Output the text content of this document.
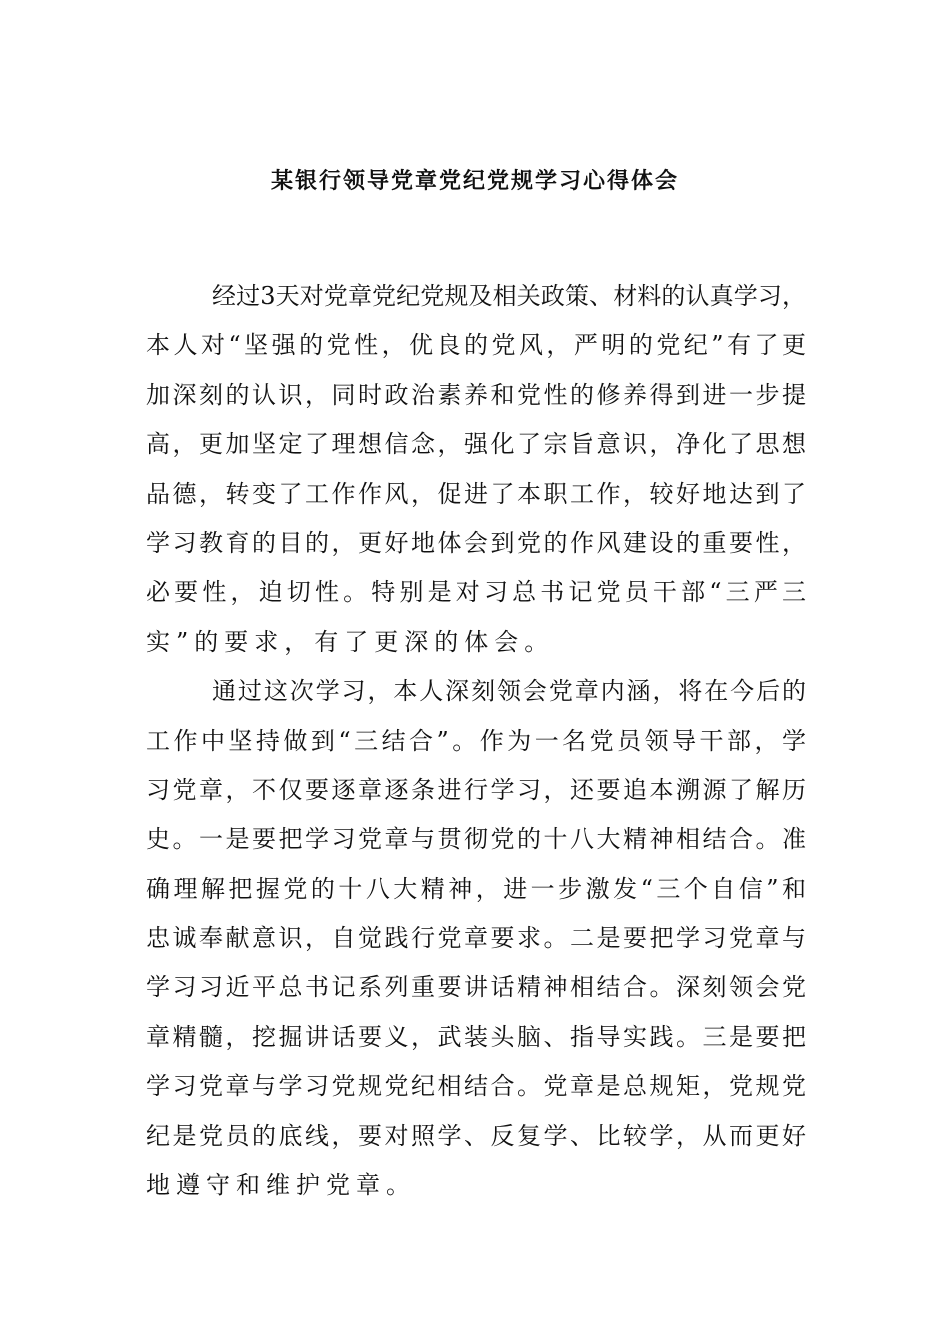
某银行领导党章党纪党规学习心得体会
经过3天对党章党纪党规及相关政策、材料的认真学习，
本人对“坚强的党性，优良的党风，严明的党纪”有了更
加深刻的认识，同时政治素养和党性的修养得到进一步提
高，更加坚定了理想信念，强化了宗旨意识，净化了思想
品德，转变了工作作风，促进了本职工作，较好地达到了
学习教育的目的，更好地体会到党的作风建设的重要性，
必要性，迫切性。特别是对习总书记党员干部“三严三
实”的要求，有了更深的体会。
通过这次学习，本人深刻领会党章内涵，将在今后的
工作中坚持做到“三结合”。作为一名党员领导干部，学
习党章，不仅要逐章逐条进行学习，还要追本溯源了解历
史。一是要把学习党章与贯彻党的十八大精神相结合。准
确理解把握党的十八大精神，进一步激发“三个自信”和
忠诚奉献意识，自觉践行党章要求。二是要把学习党章与
学习习近平总书记系列重要讲话精神相结合。深刻领会党
章精髓，挖掘讲话要义，武装头脑、指导实践。三是要把
学习党章与学习党规党纪相结合。党章是总规矩，党规党
纪是党员的底线，要对照学、反复学、比较学，从而更好
地遵守和维护党章。
